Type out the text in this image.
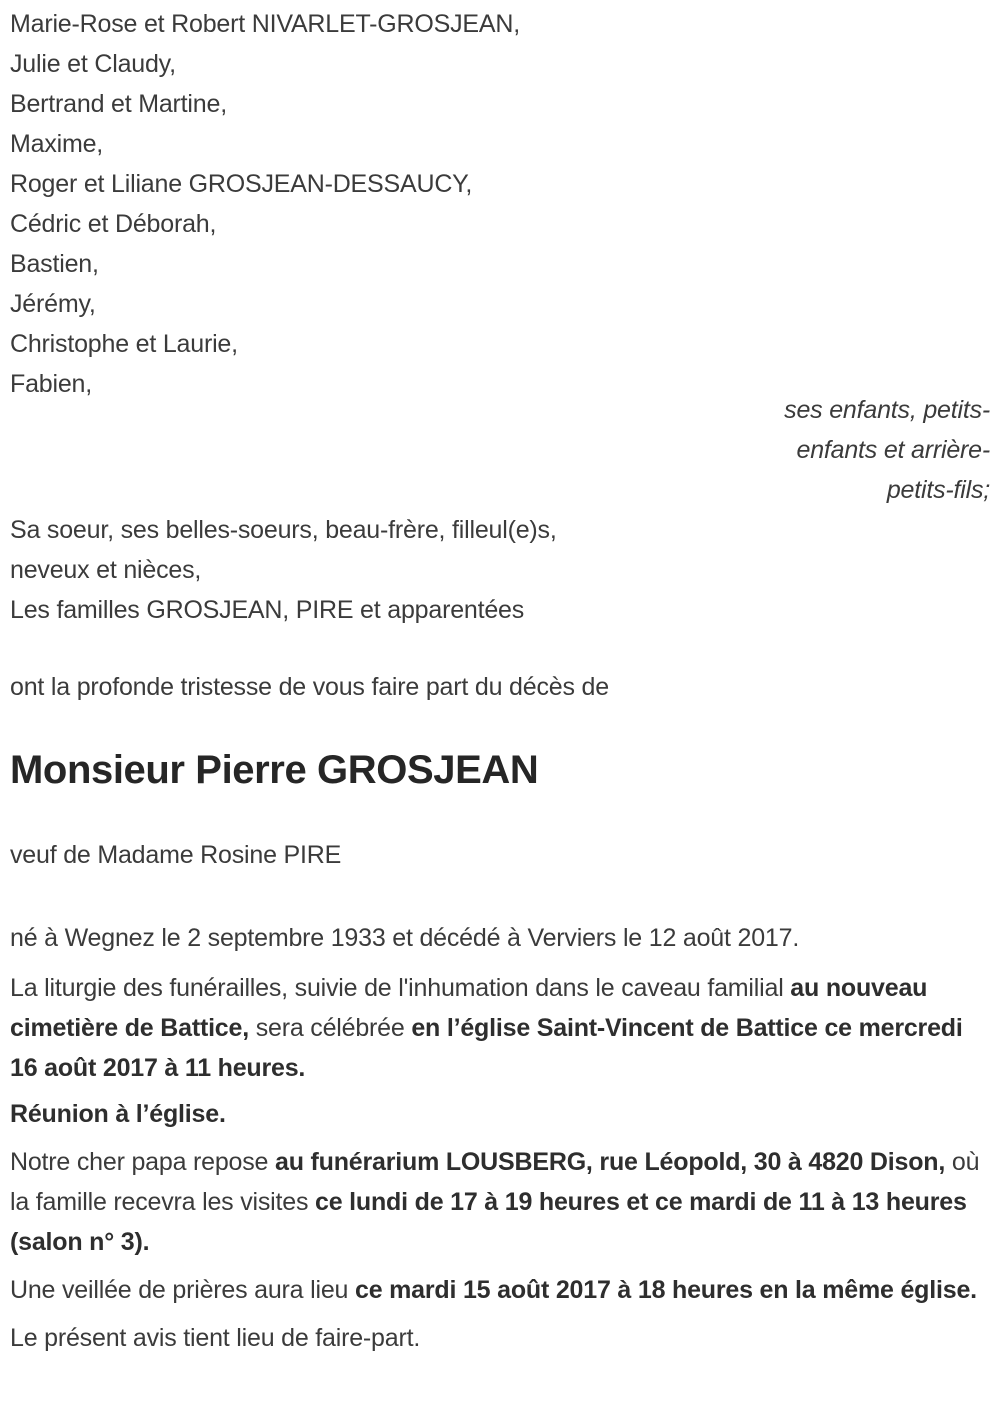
Marie-Rose et Robert NIVARLET-GROSJEAN,

Julie et Claudy,

Bertrand et Martine,

Maxime,

Roger et Liliane GROSJEAN-DESSAUCY,

Cédric et Déborah,

Bastien,

Jérémy,

Christophe et Laurie,

Fabien,

ses enfants, petits-
enfants et arrière-
petits-fils;

Sa soeur, ses belles-soeurs, beau-frère, filleul(e)s,

neveux et nièces,

Les familles GROSJEAN, PIRE et apparentées

ont la profonde tristesse de vous faire part du décès de

Monsieur Pierre GROSJEAN

veuf de Madame Rosine PIRE

né à Wegnez le 2 septembre 1933 et décédé à Verviers le 12 août 2017.

La liturgie des funérailles, suivie de l'inhumation dans le caveau familial au nouveau cimetière de Battice, sera célébrée en l’église Saint-Vincent de Battice ce mercredi 16 août 2017 à 11 heures.

Réunion à l’église.

Notre cher papa repose au funérarium LOUSBERG, rue Léopold, 30 à 4820 Dison, où la famille recevra les visites ce lundi de 17 à 19 heures et ce mardi de 11 à 13 heures (salon n° 3).

Une veillée de prières aura lieu ce mardi 15 août 2017 à 18 heures en la même église.

Le présent avis tient lieu de faire-part.
